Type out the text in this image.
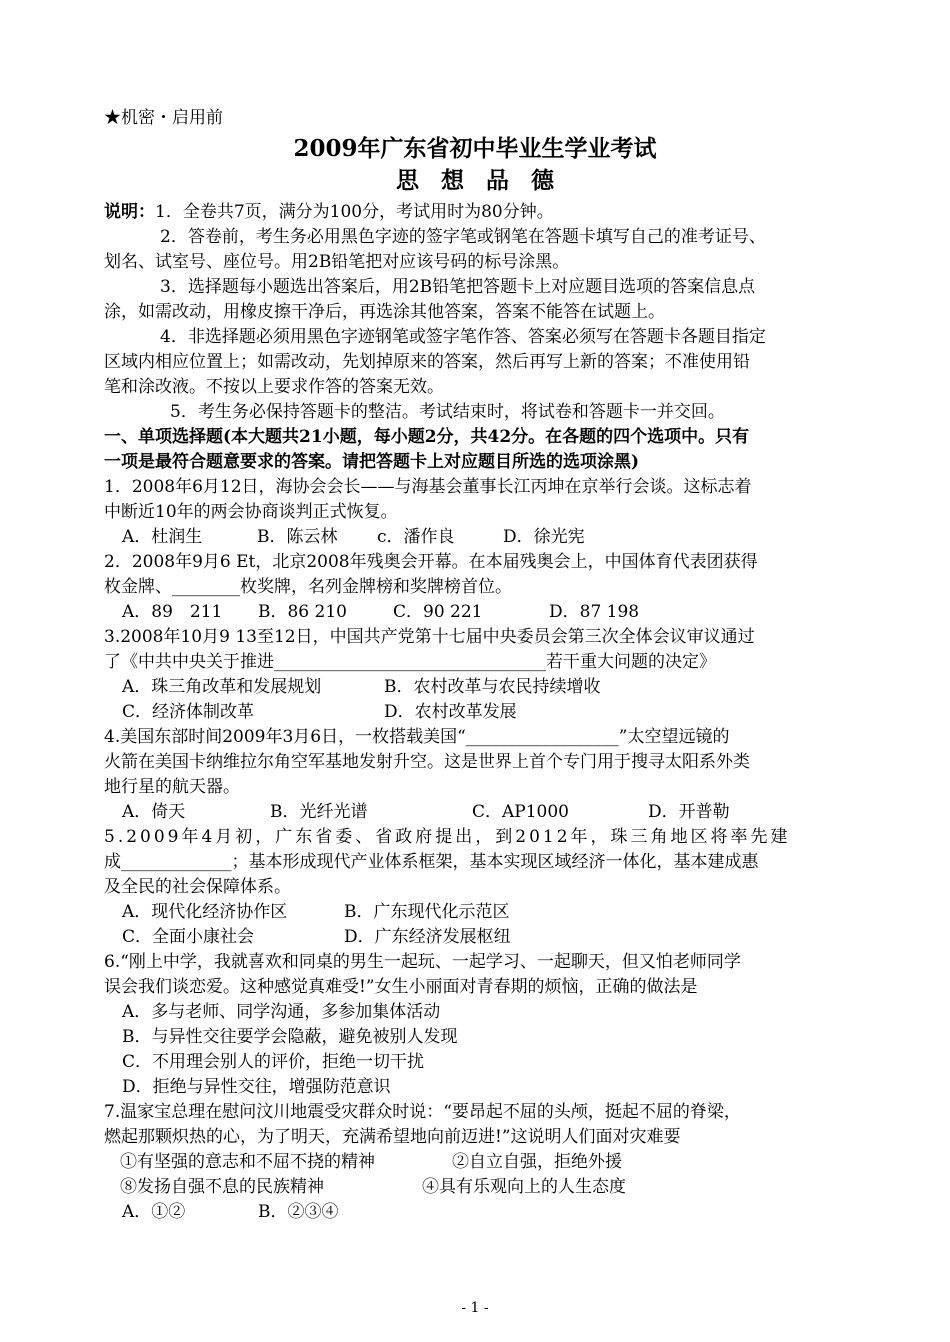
★机密・启用前
2009年广东省初中毕业生学业考试
思想品德
说明：1．全卷共7页，满分为100分，考试用时为80分钟。
2．答卷前，考生务必用黑色字迹的签字笔或钢笔在答题卡填写自己的准考证号、
划名、试室号、座位号。用2B铅笔把对应该号码的标号涂黑。
3．选择题每小题选出答案后，用2B铅笔把答题卡上对应题目选项的答案信息点
涂，如需改动，用橡皮擦干净后，再选涂其他答案，答案不能答在试题上。
4．非选择题必须用黑色字迹钢笔或签字笔作答、答案必须写在答题卡各题目指定
区域内相应位置上；如需改动，先划掉原来的答案，然后再写上新的答案；不准使用铅
笔和涂改液。不按以上要求作答的答案无效。
5．考生务必保持答题卡的整洁。考试结束时，将试卷和答题卡一并交回。
一、单项选择题(本大题共21小题，每小题2分，共42分。在各题的四个选项中。只有
一项是最符合题意要求的答案。请把答题卡上对应题目所选的选项涂黑)
1．2008年6月12日，海协会会长——与海基会董事长江丙坤在京举行会谈。这标志着
中断近10年的两会协商谈判正式恢复。
A．杜润生	B．陈云林 c．潘作良	D．徐光宪
2．2008年9月6 Et，北京2008年残奥会开幕。在本届残奥会上，中国体育代表团获得
枚金牌、________枚奖牌，名列金牌榜和奖牌榜首位。
A．89　211 B．86 210	C．90 221	D．87 198
3.2008年10月9 13至12日，中国共产党第十七届中央委员会第三次全体会议审议通过
了《中共中央关于推进________________________________若干重大问题的决定》
A．珠三角改革和发展规划	B．农村改革与农民持续增收
C．经济体制改革	D．农村改革发展
4.美国东部时间2009年3月6日，一枚搭载美国“__________________”太空望远镜的
火箭在美国卡纳维拉尔角空军基地发射升空。这是世界上首个专门用于搜寻太阳系外类
地行星的航天器。
A．倚天	B．光纤光谱	C．AP1000	D．开普勒
5.2009年4月初，广东省委、省政府提出，到2012年，珠三角地区将率先建
成_____________；基本形成现代产业体系框架，基本实现区域经济一体化，基本建成惠
及全民的社会保障体系。
A．现代化经济协作区	B．广东现代化示范区
C．全面小康社会	D．广东经济发展枢纽
6.“刚上中学，我就喜欢和同桌的男生一起玩、一起学习、一起聊天，但又怕老师同学
误会我们谈恋爱。这种感觉真难受!”女生小丽面对青春期的烦恼，正确的做法是
A．多与老师、同学沟通，多参加集体活动
B．与异性交往要学会隐蔽，避免被别人发现
C．不用理会别人的评价，拒绝一切干扰
D．拒绝与异性交往，增强防范意识
7.温家宝总理在慰问汶川地震受灾群众时说：“要昂起不屈的头颅，挺起不屈的脊梁，
燃起那颗炽热的心，为了明天，充满希望地向前迈进!”这说明人们面对灾难要
①有坚强的意志和不屈不挠的精神	②自立自强，拒绝外援
⑧发扬自强不息的民族精神	④具有乐观向上的人生态度
A．①②	B．②③④
- 1 -
